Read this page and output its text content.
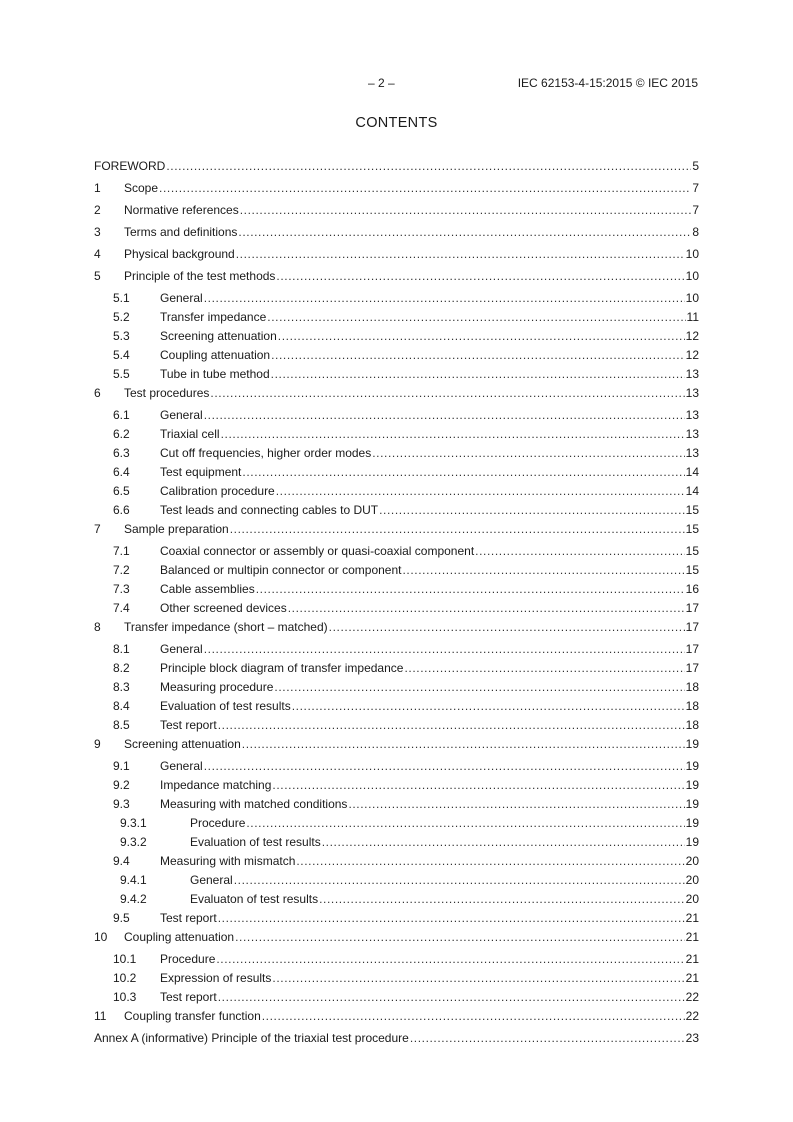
– 2 –	IEC 62153-4-15:2015 © IEC 2015
CONTENTS
FOREWORD .....	5
1 Scope .....	7
2 Normative references .....	7
3 Terms and definitions .....	8
4 Physical background .....	10
5 Principle of the test methods .....	10
5.1	General .....	10
5.2	Transfer impedance .....	11
5.3	Screening attenuation .....	12
5.4	Coupling attenuation .....	12
5.5	Tube in tube method .....	13
6 Test procedures .....	13
6.1	General .....	13
6.2	Triaxial cell .....	13
6.3	Cut off frequencies, higher order modes .....	13
6.4	Test equipment .....	14
6.5	Calibration procedure .....	14
6.6	Test leads and connecting cables to DUT .....	15
7 Sample preparation .....	15
7.1	Coaxial connector or assembly or quasi-coaxial component .....	15
7.2	Balanced or multipin connector or component .....	15
7.3	Cable assemblies .....	16
7.4	Other screened devices .....	17
8 Transfer impedance (short – matched) .....	17
8.1	General .....	17
8.2	Principle block diagram of transfer impedance .....	17
8.3	Measuring procedure .....	18
8.4	Evaluation of test results .....	18
8.5	Test report .....	18
9 Screening attenuation .....	19
9.1	General .....	19
9.2	Impedance matching .....	19
9.3	Measuring with matched conditions .....	19
9.3.1	Procedure .....	19
9.3.2	Evaluation of test results .....	19
9.4	Measuring with mismatch .....	20
9.4.1	General .....	20
9.4.2	Evaluaton of test results .....	20
9.5	Test report .....	21
10 Coupling attenuation .....	21
10.1 Procedure .....	21
10.2 Expression of results .....	21
10.3 Test report .....	22
11 Coupling transfer function .....	22
Annex A (informative) Principle of the triaxial test procedure .....	23
